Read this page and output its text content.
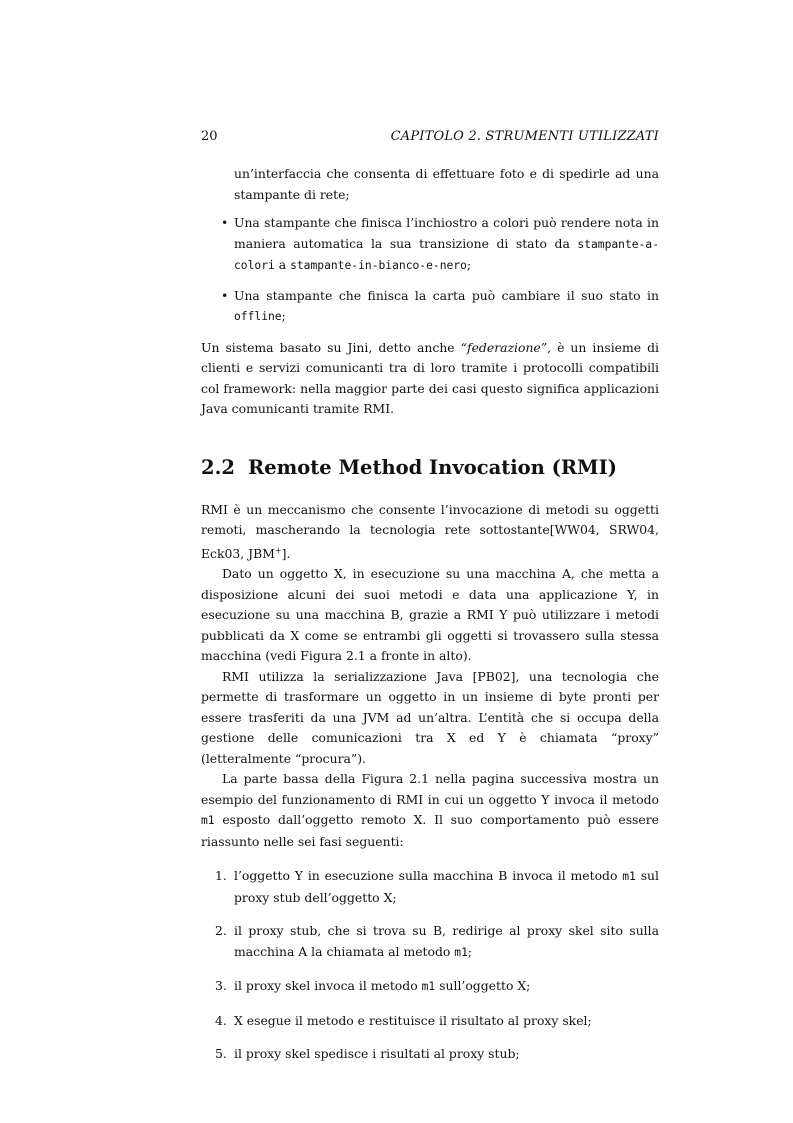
20	CAPITOLO 2. STRUMENTI UTILIZZATI

un’interfaccia che consenta di effettuare foto e di spedirle ad una stampante di rete;

• Una stampante che finisca l’inchiostro a colori può rendere nota in maniera automatica la sua transizione di stato da stampante-a-colori a stampante-in-bianco-e-nero;
• Una stampante che finisca la carta può cambiare il suo stato in offline;

Un sistema basato su Jini, detto anche “federazione”, è un insieme di clienti e servizi comunicanti tra di loro tramite i protocolli compatibili col framework: nella maggior parte dei casi questo significa applicazioni Java comunicanti tramite RMI.

2.2 Remote Method Invocation (RMI)

RMI è un meccanismo che consente l’invocazione di metodi su oggetti remoti, mascherando la tecnologia rete sottostante[WW04, SRW04, Eck03, JBM+].

Dato un oggetto X, in esecuzione su una macchina A, che metta a disposizione alcuni dei suoi metodi e data una applicazione Y, in esecuzione su una macchina B, grazie a RMI Y può utilizzare i metodi pubblicati da X come se entrambi gli oggetti si trovassero sulla stessa macchina (vedi Figura 2.1 a fronte in alto).

RMI utilizza la serializzazione Java [PB02], una tecnologia che permette di trasformare un oggetto in un insieme di byte pronti per essere trasferiti da una JVM ad un’altra. L’entità che si occupa della gestione delle comunicazioni tra X ed Y è chiamata “proxy” (letteralmente “procura”).

La parte bassa della Figura 2.1 nella pagina successiva mostra un esempio del funzionamento di RMI in cui un oggetto Y invoca il metodo m1 esposto dall’oggetto remoto X. Il suo comportamento può essere riassunto nelle sei fasi seguenti:

1. l’oggetto Y in esecuzione sulla macchina B invoca il metodo m1 sul proxy stub dell’oggetto X;
2. il proxy stub, che si trova su B, redirige al proxy skel sito sulla macchina A la chiamata al metodo m1;
3. il proxy skel invoca il metodo m1 sull’oggetto X;
4. X esegue il metodo e restituisce il risultato al proxy skel;
5. il proxy skel spedisce i risultati al proxy stub;
